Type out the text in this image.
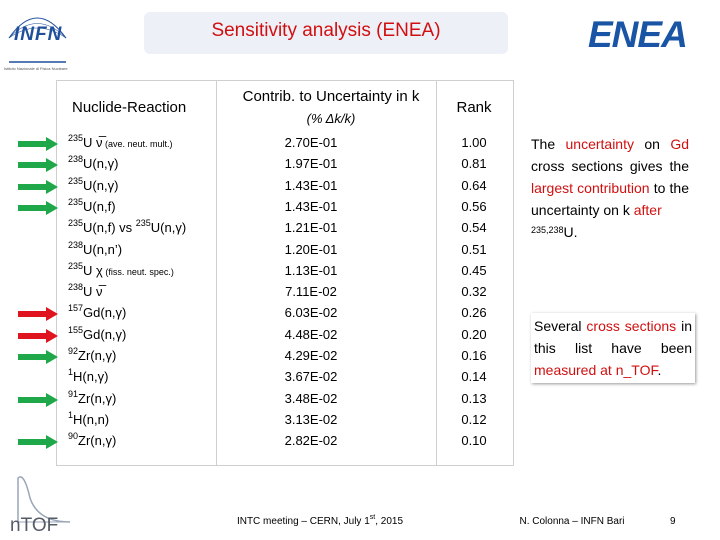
INFN
Istituto Nazionale di Fisica Nucleare
Sensitivity analysis (ENEA)	ENEA
Nuclide-Reaction
Contrib. to Uncertainty in k
(% Δk/k)
Rank
$^{235}$U ν̅ (ave. neut. mult.)	2.70E-01	1.00
$^{238}$U(n,γ)	1.97E-01	0.81
$^{235}$U(n,γ)	1.43E-01	0.64
$^{235}$U(n,f)	1.43E-01	0.56
$^{235}$U(n,f) vs $^{235}$U(n,γ)	1.21E-01	0.54
$^{238}$U(n,n’)	1.20E-01	0.51
$^{235}$U χ (fiss. neut. spec.)	1.13E-01	0.45
$^{238}$U ν̅	7.11E-02	0.32
$^{157}$Gd(n,γ)	6.03E-02	0.26
$^{155}$Gd(n,γ)	4.48E-02	0.20
$^{92}$Zr(n,γ)	4.29E-02	0.16
$^1$H(n,γ)	3.67E-02	0.14
$^{91}$Zr(n,γ)	3.48E-02	0.13
$^1$H(n,n)	3.13E-02	0.12
$^{90}$Zr(n,γ)	2.82E-02	0.10
The uncertainty on Gd cross sections gives the largest contribution to the uncertainty on k after
$^{235,238}$U.
Several cross sections in this list have been measured at n_TOF.
nTOF	INTC meeting – CERN, July 1st, 2015	N. Colonna – INFN Bari	9
